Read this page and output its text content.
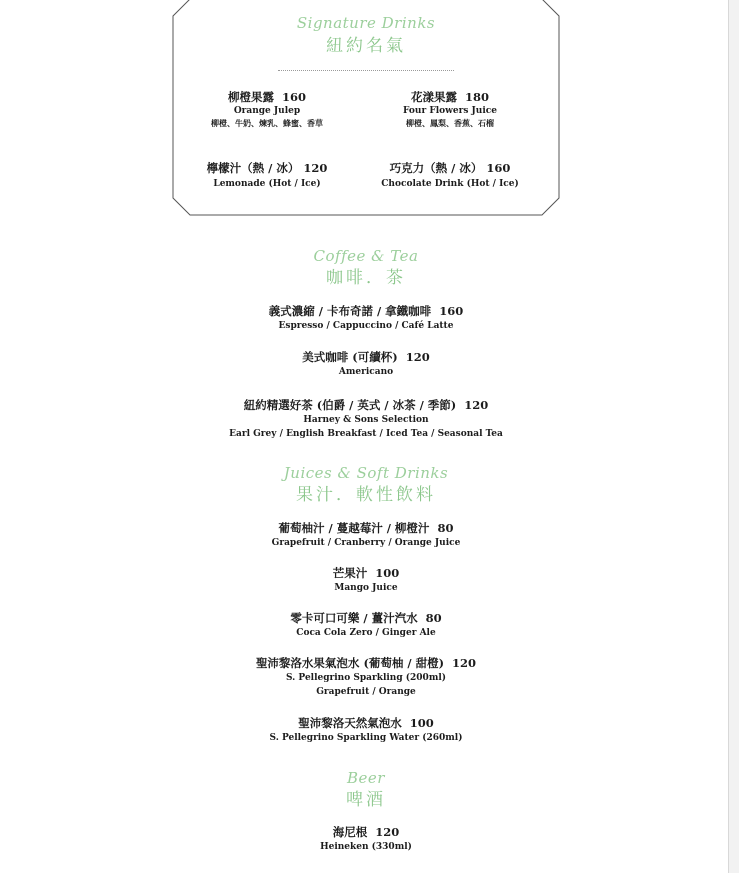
Signature Drinks
紐約名氣
柳橙果露 160
Orange Julep
柳橙、牛奶、煉乳、蜂蜜、香草
花漾果露 180
Four Flowers Juice
柳橙、鳳梨、香蕉、石榴
檸檬汁（熱 / 冰） 120
Lemonade (Hot / Ice)
巧克力（熱 / 冰） 160
Chocolate Drink (Hot / Ice)
Coffee & Tea
咖啡．茶
義式濃縮 / 卡布奇諾 / 拿鐵咖啡 160
Espresso / Cappuccino / Café Latte
美式咖啡 (可續杯) 120
Americano
紐約精選好茶 (伯爵 / 英式 / 冰茶 / 季節) 120
Harney & Sons Selection
Earl Grey / English Breakfast / Iced Tea / Seasonal Tea
Juices & Soft Drinks
果汁．軟性飲料
葡萄柚汁 / 蔓越莓汁 / 柳橙汁 80
Grapefruit / Cranberry / Orange Juice
芒果汁 100
Mango Juice
零卡可口可樂 / 薑汁汽水 80
Coca Cola Zero / Ginger Ale
聖沛黎洛水果氣泡水 (葡萄柚 / 甜橙) 120
S. Pellegrino Sparkling (200ml)
Grapefruit / Orange
聖沛黎洛天然氣泡水 100
S. Pellegrino Sparkling Water (260ml)
Beer
啤酒
海尼根 120
Heineken (330ml)
